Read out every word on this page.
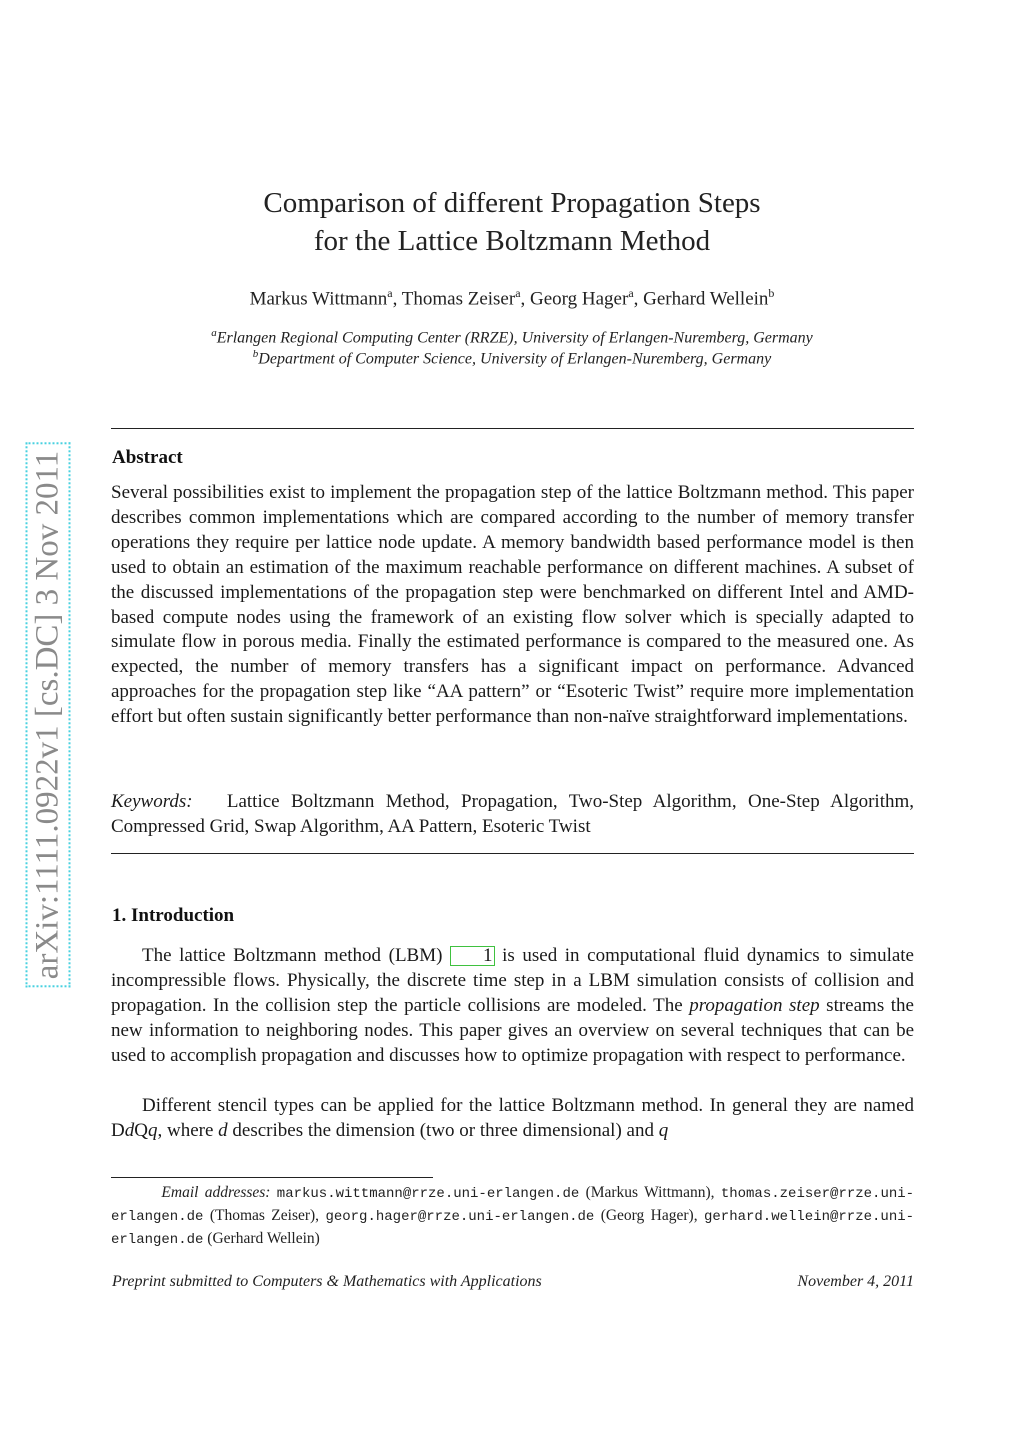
arXiv:1111.0922v1 [cs.DC] 3 Nov 2011
Comparison of different Propagation Steps
for the Lattice Boltzmann Method
Markus Wittmann$^a$, Thomas Zeiser$^a$, Georg Hager$^a$, Gerhard Wellein$^b$
$^a$Erlangen Regional Computing Center (RRZE), University of Erlangen-Nuremberg, Germany
$^b$Department of Computer Science, University of Erlangen-Nuremberg, Germany
Abstract
Several possibilities exist to implement the propagation step of the lattice Boltzmann method. This paper describes common implementations which are compared according to the number of memory transfer operations they require per lattice node update. A memory bandwidth based performance model is then used to obtain an estimation of the maximum reachable performance on different machines. A subset of the discussed implementations of the propagation step were benchmarked on different Intel and AMD-based compute nodes using the framework of an existing flow solver which is specially adapted to simulate flow in porous media. Finally the estimated performance is compared to the measured one. As expected, the number of memory transfers has a significant impact on performance. Advanced approaches for the propagation step like “AA pattern” or “Esoteric Twist” require more implementation effort but often sustain significantly better performance than non-naïve straightforward implementations.
Keywords: Lattice Boltzmann Method, Propagation, Two-Step Algorithm, One-Step Algorithm, Compressed Grid, Swap Algorithm, AA Pattern, Esoteric Twist
1. Introduction
The lattice Boltzmann method (LBM) 1 is used in computational fluid dynamics to simulate incompressible flows. Physically, the discrete time step in a LBM simulation consists of collision and propagation. In the collision step the particle collisions are modeled. The propagation step streams the new information to neighboring nodes. This paper gives an overview on several techniques that can be used to accomplish propagation and discusses how to optimize propagation with respect to performance.
Different stencil types can be applied for the lattice Boltzmann method. In general they are named DdQq, where d describes the dimension (two or three dimensional) and q
Email addresses: markus.wittmann@rrze.uni-erlangen.de (Markus Wittmann), thomas.zeiser@rrze.uni-erlangen.de (Thomas Zeiser), georg.hager@rrze.uni-erlangen.de (Georg Hager), gerhard.wellein@rrze.uni-erlangen.de (Gerhard Wellein)
Preprint submitted to Computers & Mathematics with Applications	November 4, 2011
